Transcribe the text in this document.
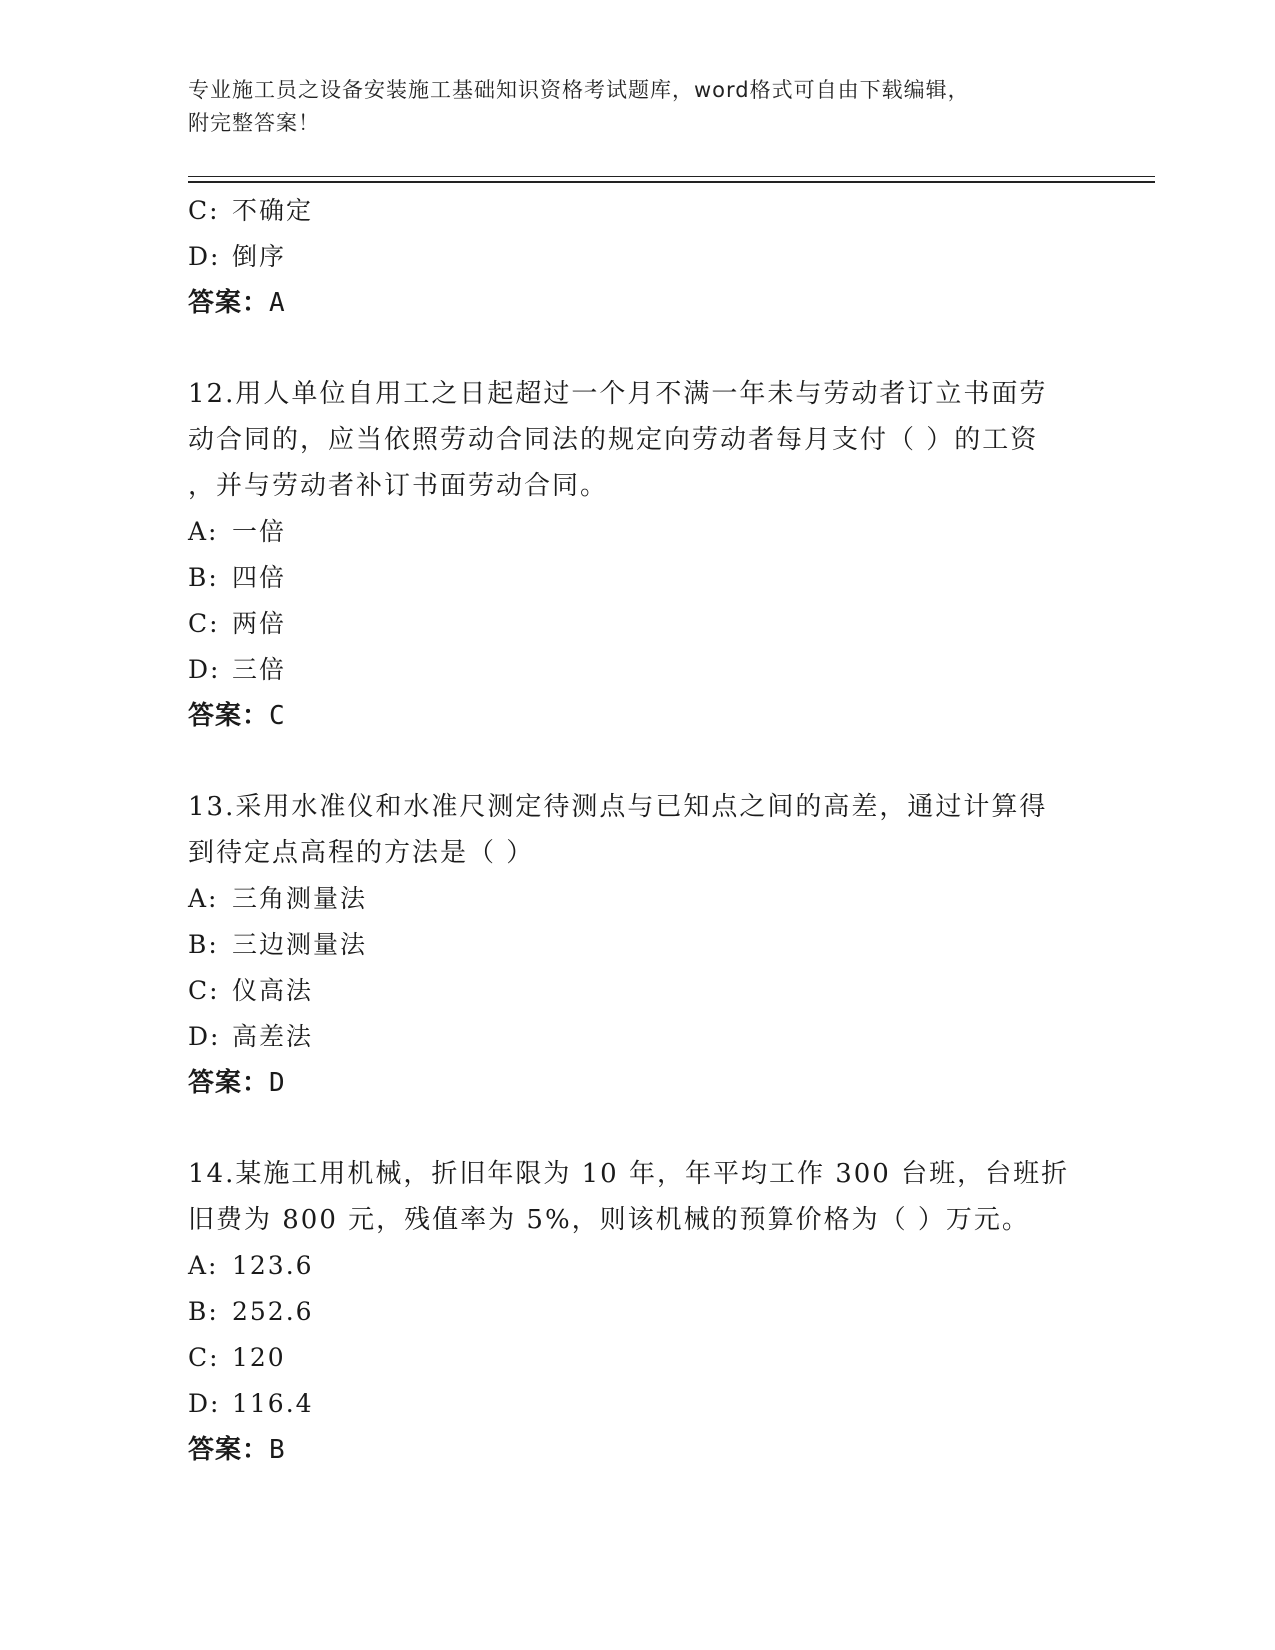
专业施工员之设备安装施工基础知识资格考试题库，word格式可自由下载编辑，
附完整答案！
C: 不确定
D: 倒序
答案：A
12.用人单位自用工之日起超过一个月不满一年未与劳动者订立书面劳
动合同的，应当依照劳动合同法的规定向劳动者每月支付（ ）的工资
，并与劳动者补订书面劳动合同。
A: 一倍
B: 四倍
C: 两倍
D: 三倍
答案：C
13.采用水准仪和水准尺测定待测点与已知点之间的高差，通过计算得
到待定点高程的方法是（ ）
A: 三角测量法
B: 三边测量法
C: 仪高法
D: 高差法
答案：D
14.某施工用机械，折旧年限为 10 年，年平均工作 300 台班，台班折
旧费为 800 元，残值率为 5%，则该机械的预算价格为（ ）万元。
A: 123.6
B: 252.6
C: 120
D: 116.4
答案：B
